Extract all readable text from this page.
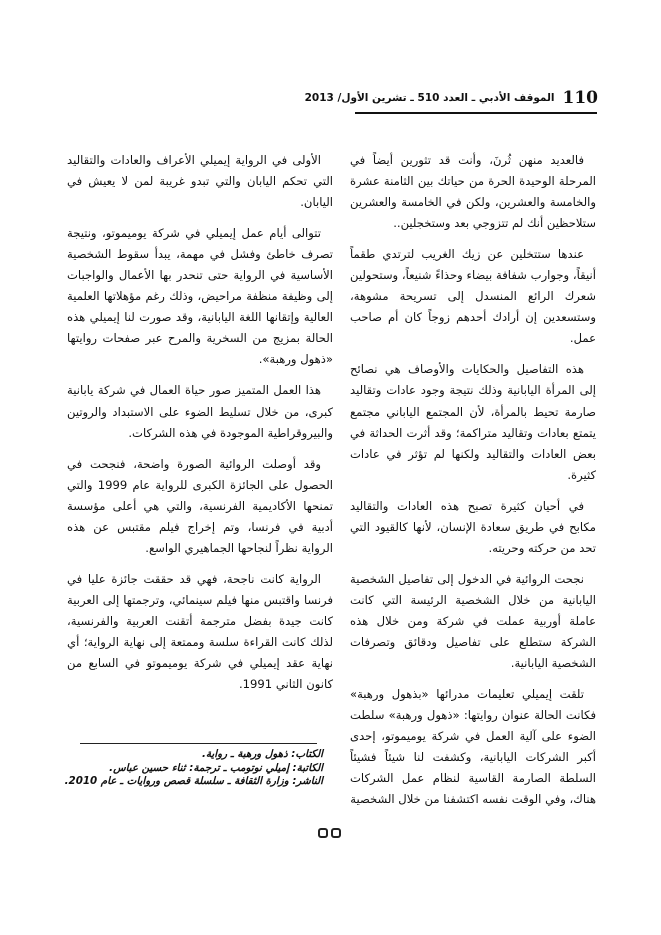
110
الموقف الأدبي ـ العدد 510 ـ تشرين الأول/ 2013

فالعديد منهن ثُرنَ، وأنت قد تثورين أيضاً في المرحلة الوحيدة الحرة من حياتك بين الثامنة عشرة والخامسة والعشرين، ولكن في الخامسة والعشرين ستلاحظين أنك لم تتزوجي بعد وستخجلين..

عندها ستتخلين عن زيك الغريب لترتدي طقماً أنيقاً، وجوارب شفافة بيضاء وحذاءً شنيعاً، وستحولين شعرك الرائع المنسدل إلى تسريحة مشوهة، وستسعدين إن أرادك أحدهم زوجاً كان أم صاحب عمل.

هذه التفاصيل والحكايات والأوصاف هي نصائح إلى المرأة اليابانية وذلك نتيجة وجود عادات وتقاليد صارمة تحيط بالمرأة، لأن المجتمع الياباني مجتمع يتمتع بعادات وتقاليد متراكمة؛ وقد أثرت الحداثة في بعض العادات والتقاليد ولكنها لم تؤثر في عادات كثيرة.

في أحيان كثيرة تصبح هذه العادات والتقاليد مكابح في طريق سعادة الإنسان، لأنها كالقيود التي تحد من حركته وحريته.

نجحت الروائية في الدخول إلى تفاصيل الشخصية اليابانية من خلال الشخصية الرئيسة التي كانت عاملة أوربية عملت في شركة ومن خلال هذه الشركة ستطلع على تفاصيل ودقائق وتصرفات الشخصية اليابانية.

تلقت إيميلي تعليمات مدرائها «بذهول ورهبة» فكانت الحالة عنوان روايتها: «ذهول ورهبة» سلطت الضوء على آلية العمل في شركة يوميموتو، إحدى أكبر الشركات اليابانية، وكشفت لنا شيئاً فشيئاً السلطة الصارمة القاسية لنظام عمل الشركات هناك، وفي الوقت نفسه اكتشفنا من خلال الشخصية

الأولى في الرواية إيميلي الأعراف والعادات والتقاليد التي تحكم اليابان والتي تبدو غريبة لمن لا يعيش في اليابان.

تتوالى أيام عمل إيميلي في شركة يوميموتو، ونتيجة تصرف خاطئ وفشل في مهمة، يبدأ سقوط الشخصية الأساسية في الرواية حتى تنحدر بها الأعمال والواجبات إلى وظيفة منظفة مراحيض، وذلك رغم مؤهلاتها العلمية العالية وإتقانها اللغة اليابانية، وقد صورت لنا إيميلي هذه الحالة بمزيج من السخرية والمرح عبر صفحات روايتها «ذهول ورهبة».

هذا العمل المتميز صور حياة العمال في شركة يابانية كبرى، من خلال تسليط الضوء على الاستبداد والروتين والبيروقراطية الموجودة في هذه الشركات.

وقد أوصلت الروائية الصورة واضحة، فنجحت في الحصول على الجائزة الكبرى للرواية عام 1999 والتي تمنحها الأكاديمية الفرنسية، والتي هي أعلى مؤسسة أدبية في فرنسا، وتم إخراج فيلم مقتبس عن هذه الرواية نظراً لنجاحها الجماهيري الواسع.

الرواية كانت ناجحة، فهي قد حققت جائزة عليا في فرنسا واقتبس منها فيلم سينمائي، وترجمتها إلى العربية كانت جيدة بفضل مترجمة أتقنت العربية والفرنسية، لذلك كانت القراءة سلسة وممتعة إلى نهاية الرواية؛ أي نهاية عقد إيميلي في شركة يوميموتو في السابع من كانون الثاني 1991.

الكتاب: ذهول ورهبة ـ رواية.
الكاتبة: إميلي نوتومب ـ ترجمة: ثناء حسين عباس.
الناشر: وزارة الثقافة ـ سلسلة قصص وروايات ـ عام 2010.
